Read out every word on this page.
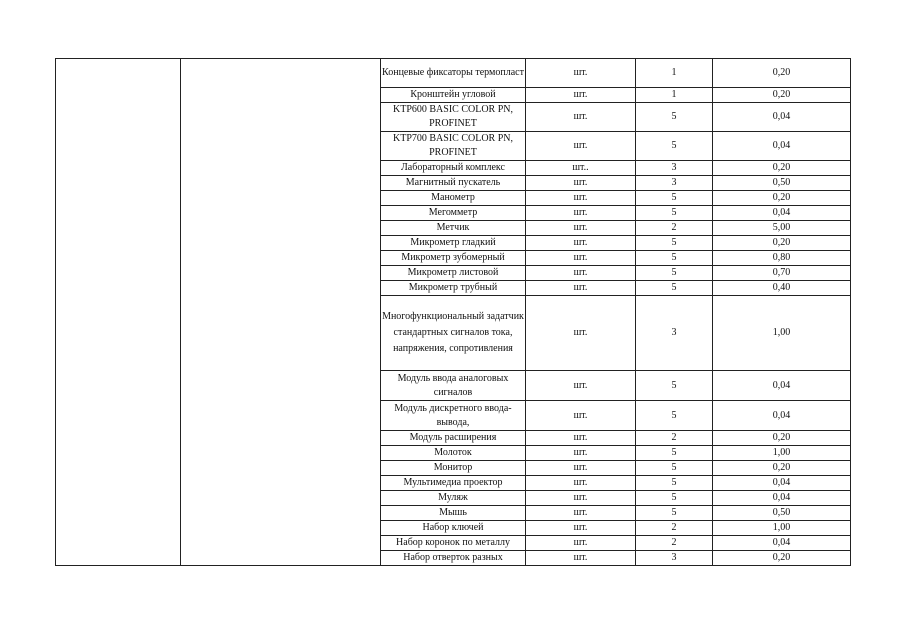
		Концевые фиксаторы термопласт	шт.	1	0,20
		Кронштейн угловой	шт.	1	0,20
		KTP600 BASIC COLOR PN, PROFINET	шт.	5	0,04
		KTP700 BASIC COLOR PN, PROFINET	шт.	5	0,04
		Лабораторный комплекс	шт..	3	0,20
		Магнитный пускатель	шт.	3	0,50
		Манометр	шт.	5	0,20
		Мегомметр	шт.	5	0,04
		Метчик	шт.	2	5,00
		Микрометр гладкий	шт.	5	0,20
		Микрометр зубомерный	шт.	5	0,80
		Микрометр листовой	шт.	5	0,70
		Микрометр трубный	шт.	5	0,40
		Многофункциональный задатчик стандартных сигналов тока, напряжения, сопротивления	шт.	3	1,00
		Модуль ввода аналоговых сигналов	шт.	5	0,04
		Модуль дискретного ввода-вывода,	шт.	5	0,04
		Модуль расширения	шт.	2	0,20
		Молоток	шт.	5	1,00
		Монитор	шт.	5	0,20
		Мультимедиа проектор	шт.	5	0,04
		Муляж	шт.	5	0,04
		Мышь	шт.	5	0,50
		Набор ключей	шт.	2	1,00
		Набор коронок по металлу	шт.	2	0,04
		Набор отверток разных	шт.	3	0,20
